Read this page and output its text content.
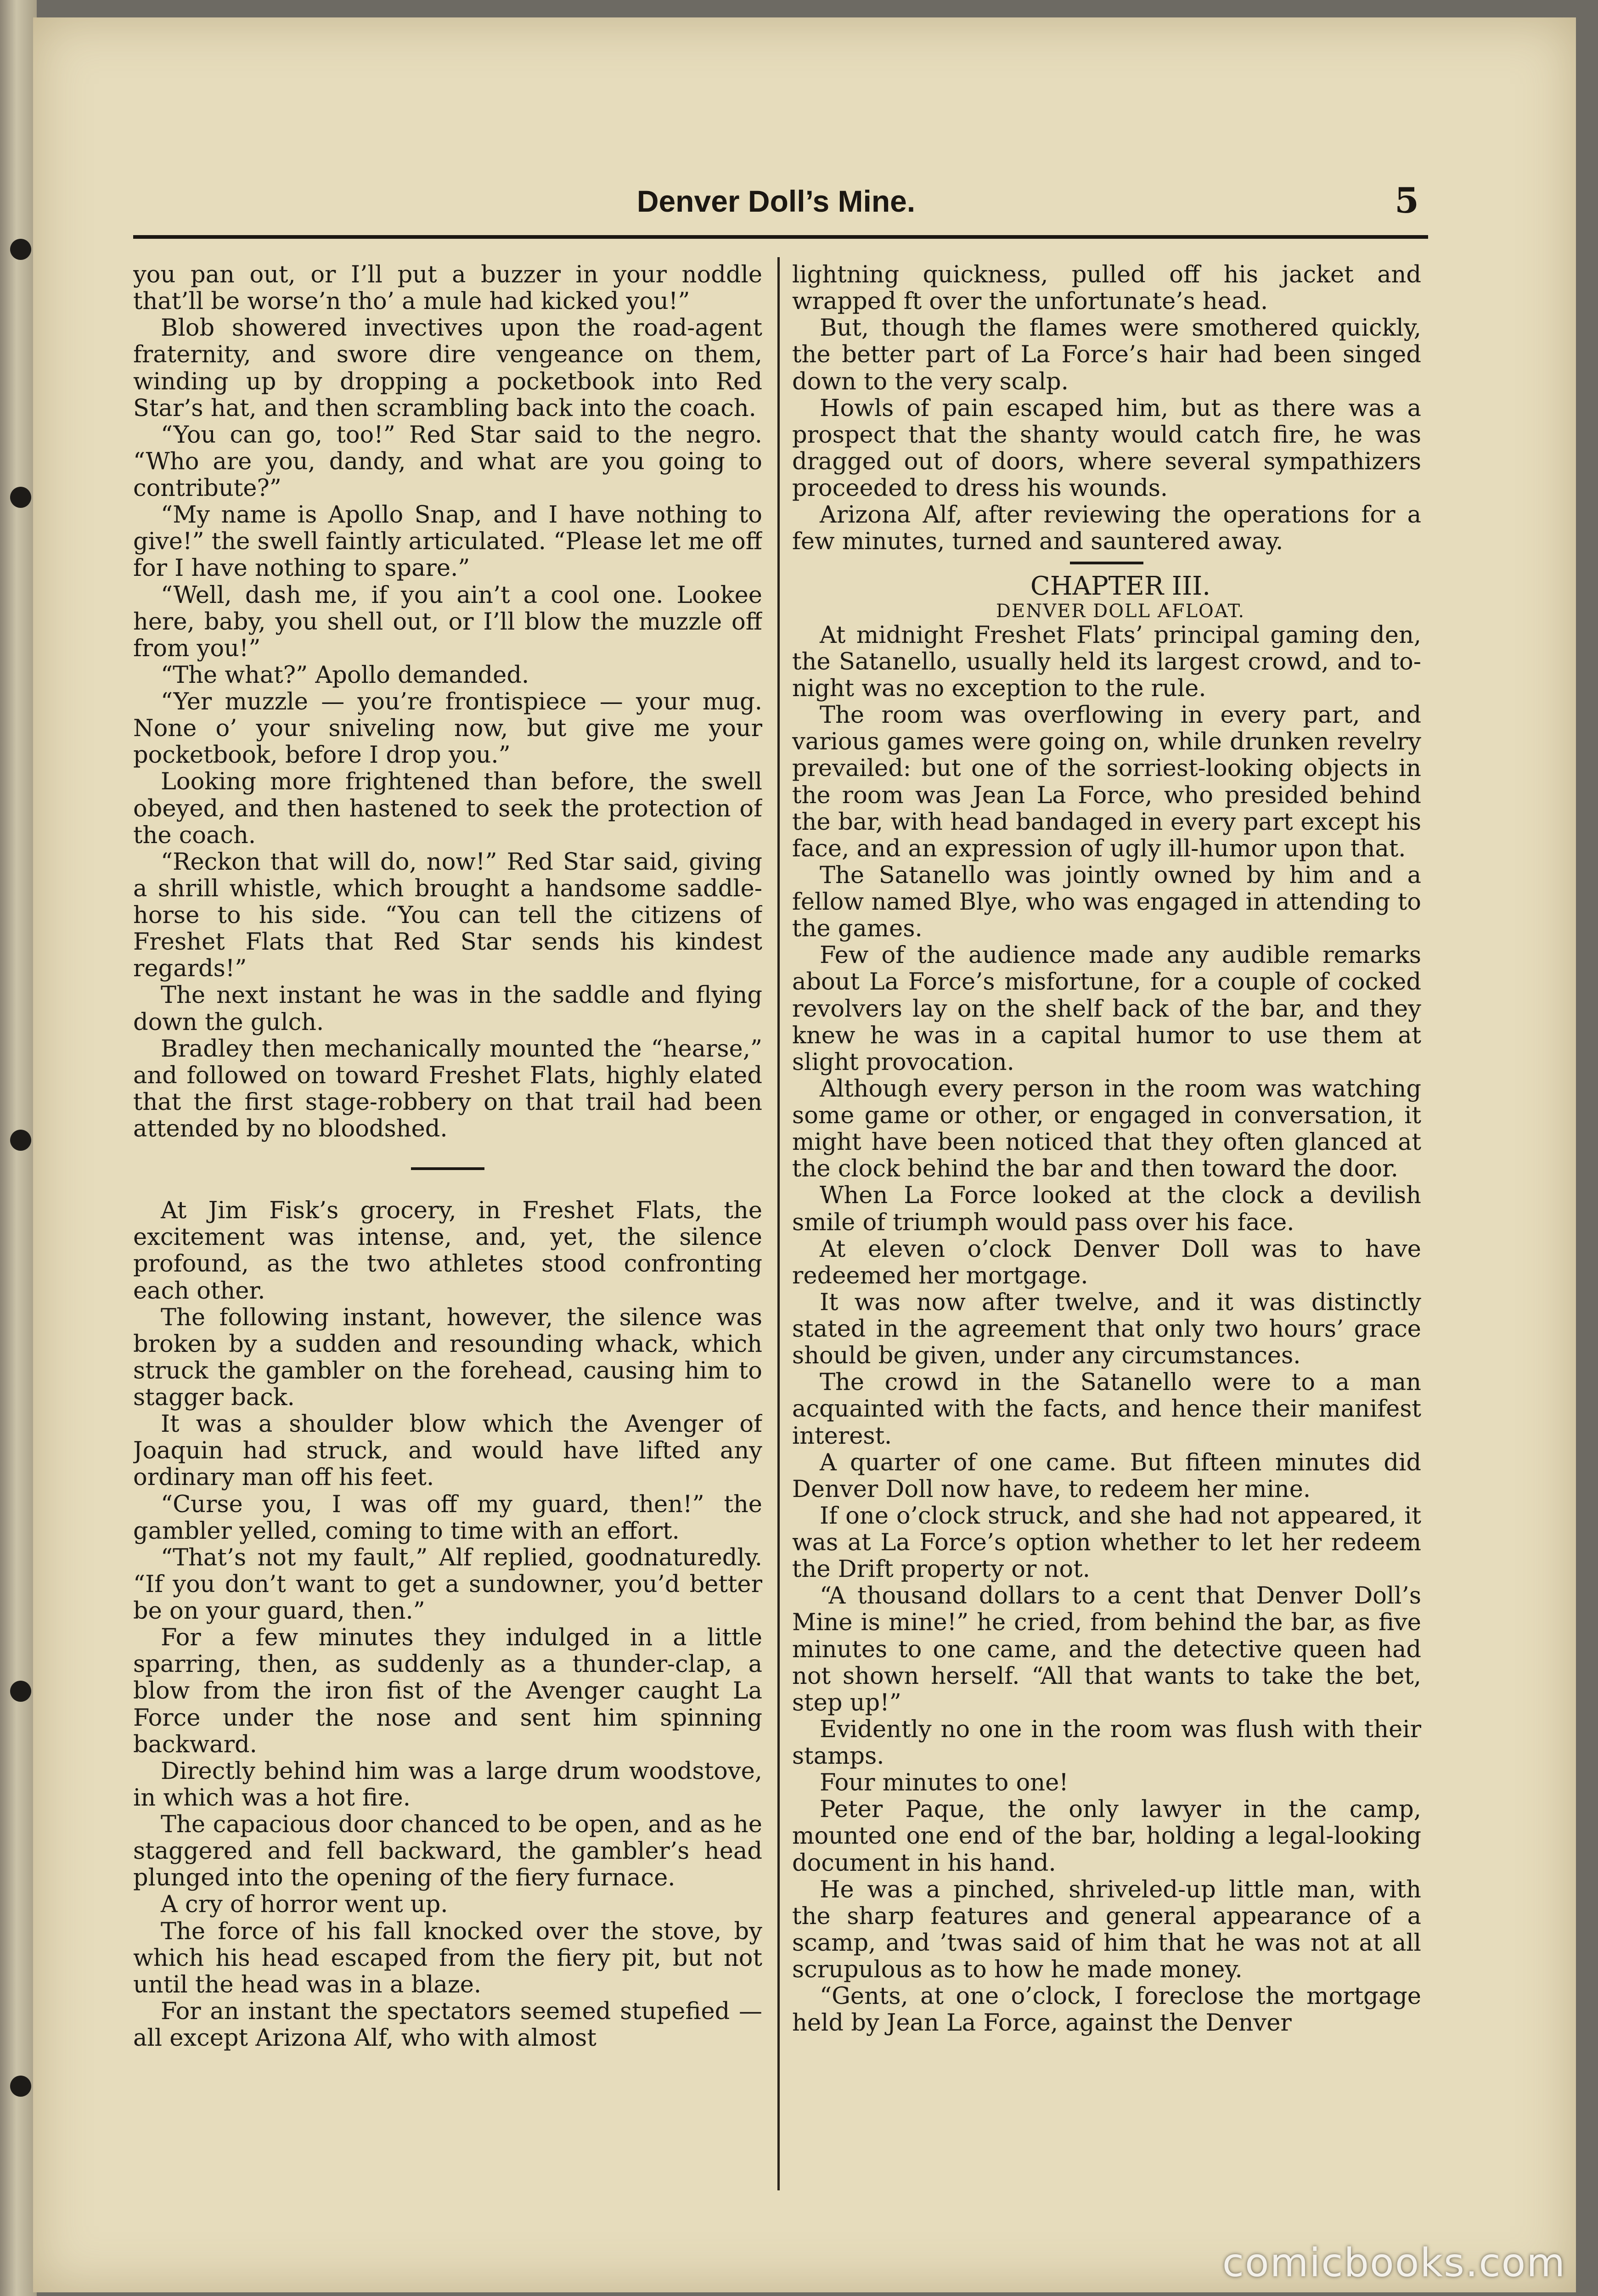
Denver Doll’s Mine.	5

you pan out, or I’ll put a buzzer in your noddle that’ll be worse’n tho’ a mule had kicked you!”

Blob showered invectives upon the road-agent fraternity, and swore dire vengeance on them, winding up by dropping a pocketbook into Red Star’s hat, and then scrambling back into the coach.

“You can go, too!” Red Star said to the negro. “Who are you, dandy, and what are you going to contribute?”

“My name is Apollo Snap, and I have nothing to give!” the swell faintly articulated. “Please let me off for I have nothing to spare.”

“Well, dash me, if you ain’t a cool one. Lookee here, baby, you shell out, or I’ll blow the muzzle off from you!”

“The what?” Apollo demanded.

“Yer muzzle — you’re frontispiece — your mug. None o’ your sniveling now, but give me your pocketbook, before I drop you.”

Looking more frightened than before, the swell obeyed, and then hastened to seek the protection of the coach.

“Reckon that will do, now!” Red Star said, giving a shrill whistle, which brought a handsome saddle-horse to his side. “You can tell the citizens of Freshet Flats that Red Star sends his kindest regards!”

The next instant he was in the saddle and flying down the gulch.

Bradley then mechanically mounted the “hearse,” and followed on toward Freshet Flats, highly elated that the first stage-robbery on that trail had been attended by no bloodshed.

At Jim Fisk’s grocery, in Freshet Flats, the excitement was intense, and, yet, the silence profound, as the two athletes stood confronting each other.

The following instant, however, the silence was broken by a sudden and resounding whack, which struck the gambler on the forehead, causing him to stagger back.

It was a shoulder blow which the Avenger of Joaquin had struck, and would have lifted any ordinary man off his feet.

“Curse you, I was off my guard, then!” the gambler yelled, coming to time with an effort.

“That’s not my fault,” Alf replied, goodnaturedly. “If you don’t want to get a sundowner, you’d better be on your guard, then.”

For a few minutes they indulged in a little sparring, then, as suddenly as a thunder-clap, a blow from the iron fist of the Avenger caught La Force under the nose and sent him spinning backward.

Directly behind him was a large drum woodstove, in which was a hot fire.

The capacious door chanced to be open, and as he staggered and fell backward, the gambler’s head plunged into the opening of the fiery furnace.

A cry of horror went up.

The force of his fall knocked over the stove, by which his head escaped from the fiery pit, but not until the head was in a blaze.

For an instant the spectators seemed stupefied —all except Arizona Alf, who with almost

lightning quickness, pulled off his jacket and wrapped ft over the unfortunate’s head.

But, though the flames were smothered quickly, the better part of La Force’s hair had been singed down to the very scalp.

Howls of pain escaped him, but as there was a prospect that the shanty would catch fire, he was dragged out of doors, where several sympathizers proceeded to dress his wounds.

Arizona Alf, after reviewing the operations for a few minutes, turned and sauntered away.

CHAPTER III.

DENVER DOLL AFLOAT.

At midnight Freshet Flats’ principal gaming den, the Satanello, usually held its largest crowd, and to-night was no exception to the rule.

The room was overflowing in every part, and various games were going on, while drunken revelry prevailed: but one of the sorriest-looking objects in the room was Jean La Force, who presided behind the bar, with head bandaged in every part except his face, and an expression of ugly ill-humor upon that.

The Satanello was jointly owned by him and a fellow named Blye, who was engaged in attending to the games.

Few of the audience made any audible remarks about La Force’s misfortune, for a couple of cocked revolvers lay on the shelf back of the bar, and they knew he was in a capital humor to use them at slight provocation.

Although every person in the room was watching some game or other, or engaged in conversation, it might have been noticed that they often glanced at the clock behind the bar and then toward the door.

When La Force looked at the clock a devilish smile of triumph would pass over his face.

At eleven o’clock Denver Doll was to have redeemed her mortgage.

It was now after twelve, and it was distinctly stated in the agreement that only two hours’ grace should be given, under any circumstances.

The crowd in the Satanello were to a man acquainted with the facts, and hence their manifest interest.

A quarter of one came. But fifteen minutes did Denver Doll now have, to redeem her mine.

If one o’clock struck, and she had not appeared, it was at La Force’s option whether to let her redeem the Drift property or not.

“A thousand dollars to a cent that Denver Doll’s Mine is mine!” he cried, from behind the bar, as five minutes to one came, and the detective queen had not shown herself. “All that wants to take the bet, step up!”

Evidently no one in the room was flush with their stamps.

Four minutes to one!

Peter Paque, the only lawyer in the camp, mounted one end of the bar, holding a legal-looking document in his hand.

He was a pinched, shriveled-up little man, with the sharp features and general appearance of a scamp, and ’twas said of him that he was not at all scrupulous as to how he made money.

“Gents, at one o’clock, I foreclose the mortgage held by Jean La Force, against the Denver

comicbooks.com
